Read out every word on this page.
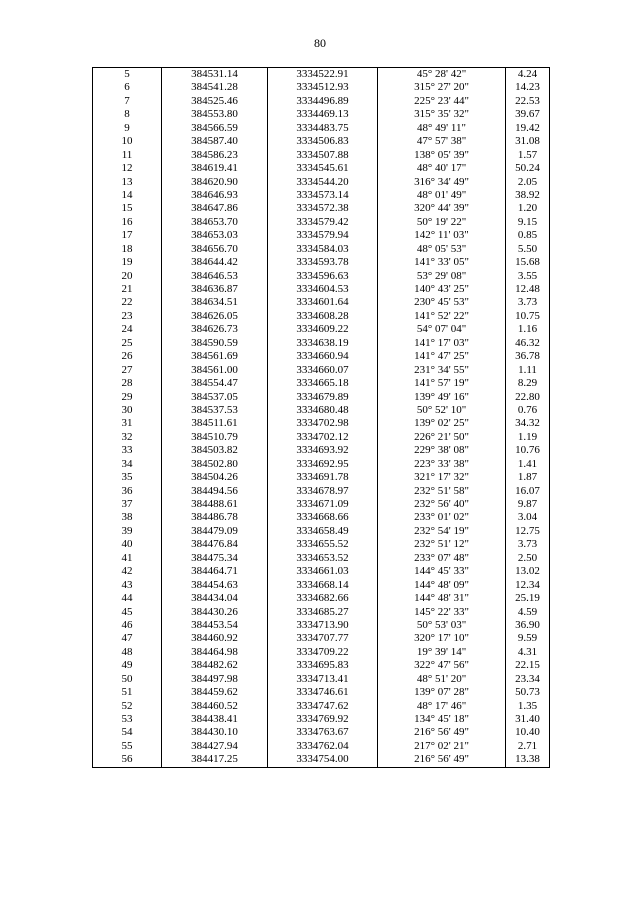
80
5	384531.14	3334522.91	45° 28' 42"	4.24
6	384541.28	3334512.93	315° 27' 20"	14.23
7	384525.46	3334496.89	225° 23' 44"	22.53
8	384553.80	3334469.13	315° 35' 32"	39.67
9	384566.59	3334483.75	48° 49' 11"	19.42
10	384587.40	3334506.83	47° 57' 38"	31.08
11	384586.23	3334507.88	138° 05' 39"	1.57
12	384619.41	3334545.61	48° 40' 17"	50.24
13	384620.90	3334544.20	316° 34' 49"	2.05
14	384646.93	3334573.14	48° 01' 49"	38.92
15	384647.86	3334572.38	320° 44' 39"	1.20
16	384653.70	3334579.42	50° 19' 22"	9.15
17	384653.03	3334579.94	142° 11' 03"	0.85
18	384656.70	3334584.03	48° 05' 53"	5.50
19	384644.42	3334593.78	141° 33' 05"	15.68
20	384646.53	3334596.63	53° 29' 08"	3.55
21	384636.87	3334604.53	140° 43' 25"	12.48
22	384634.51	3334601.64	230° 45' 53"	3.73
23	384626.05	3334608.28	141° 52' 22"	10.75
24	384626.73	3334609.22	54° 07' 04"	1.16
25	384590.59	3334638.19	141° 17' 03"	46.32
26	384561.69	3334660.94	141° 47' 25"	36.78
27	384561.00	3334660.07	231° 34' 55"	1.11
28	384554.47	3334665.18	141° 57' 19"	8.29
29	384537.05	3334679.89	139° 49' 16"	22.80
30	384537.53	3334680.48	50° 52' 10"	0.76
31	384511.61	3334702.98	139° 02' 25"	34.32
32	384510.79	3334702.12	226° 21' 50"	1.19
33	384503.82	3334693.92	229° 38' 08"	10.76
34	384502.80	3334692.95	223° 33' 38"	1.41
35	384504.26	3334691.78	321° 17' 32"	1.87
36	384494.56	3334678.97	232° 51' 58"	16.07
37	384488.61	3334671.09	232° 56' 40"	9.87
38	384486.78	3334668.66	233° 01' 02"	3.04
39	384479.09	3334658.49	232° 54' 19"	12.75
40	384476.84	3334655.52	232° 51' 12"	3.73
41	384475.34	3334653.52	233° 07' 48"	2.50
42	384464.71	3334661.03	144° 45' 33"	13.02
43	384454.63	3334668.14	144° 48' 09"	12.34
44	384434.04	3334682.66	144° 48' 31"	25.19
45	384430.26	3334685.27	145° 22' 33"	4.59
46	384453.54	3334713.90	50° 53' 03"	36.90
47	384460.92	3334707.77	320° 17' 10"	9.59
48	384464.98	3334709.22	19° 39' 14"	4.31
49	384482.62	3334695.83	322° 47' 56"	22.15
50	384497.98	3334713.41	48° 51' 20"	23.34
51	384459.62	3334746.61	139° 07' 28"	50.73
52	384460.52	3334747.62	48° 17' 46"	1.35
53	384438.41	3334769.92	134° 45' 18"	31.40
54	384430.10	3334763.67	216° 56' 49"	10.40
55	384427.94	3334762.04	217° 02' 21"	2.71
56	384417.25	3334754.00	216° 56' 49"	13.38
